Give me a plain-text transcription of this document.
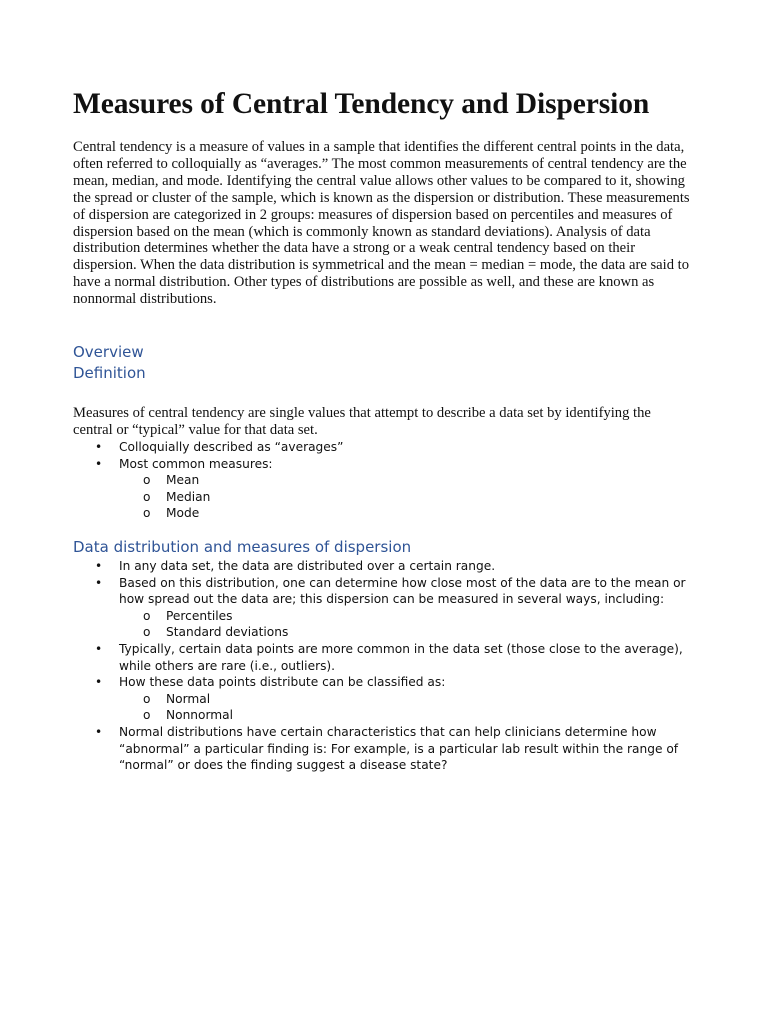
Measures of Central Tendency and Dispersion

Central tendency is a measure of values in a sample that identifies the different central points in the data, often referred to colloquially as “averages.” The most common measurements of central tendency are the mean, median, and mode. Identifying the central value allows other values to be compared to it, showing the spread or cluster of the sample, which is known as the dispersion or distribution. These measurements of dispersion are categorized in 2 groups: measures of dispersion based on percentiles and measures of dispersion based on the mean (which is commonly known as standard deviations). Analysis of data distribution determines whether the data have a strong or a weak central tendency based on their dispersion. When the data distribution is symmetrical and the mean = median = mode, the data are said to have a normal distribution. Other types of distributions are possible as well, and these are known as nonnormal distributions.

Overview
Definition

Measures of central tendency are single values that attempt to describe a data set by identifying the central or “typical” value for that data set.

• Colloquially described as “averages”
• Most common measures:
o Mean
o Median
o Mode
Data distribution and measures of dispersion
• In any data set, the data are distributed over a certain range.
• Based on this distribution, one can determine how close most of the data are to the mean or how spread out the data are; this dispersion can be measured in several ways, including:
o Percentiles
o Standard deviations
• Typically, certain data points are more common in the data set (those close to the average), while others are rare (i.e., outliers).
• How these data points distribute can be classified as:
o Normal
o Nonnormal
• Normal distributions have certain characteristics that can help clinicians determine how “abnormal” a particular finding is: For example, is a particular lab result within the range of “normal” or does the finding suggest a disease state?
